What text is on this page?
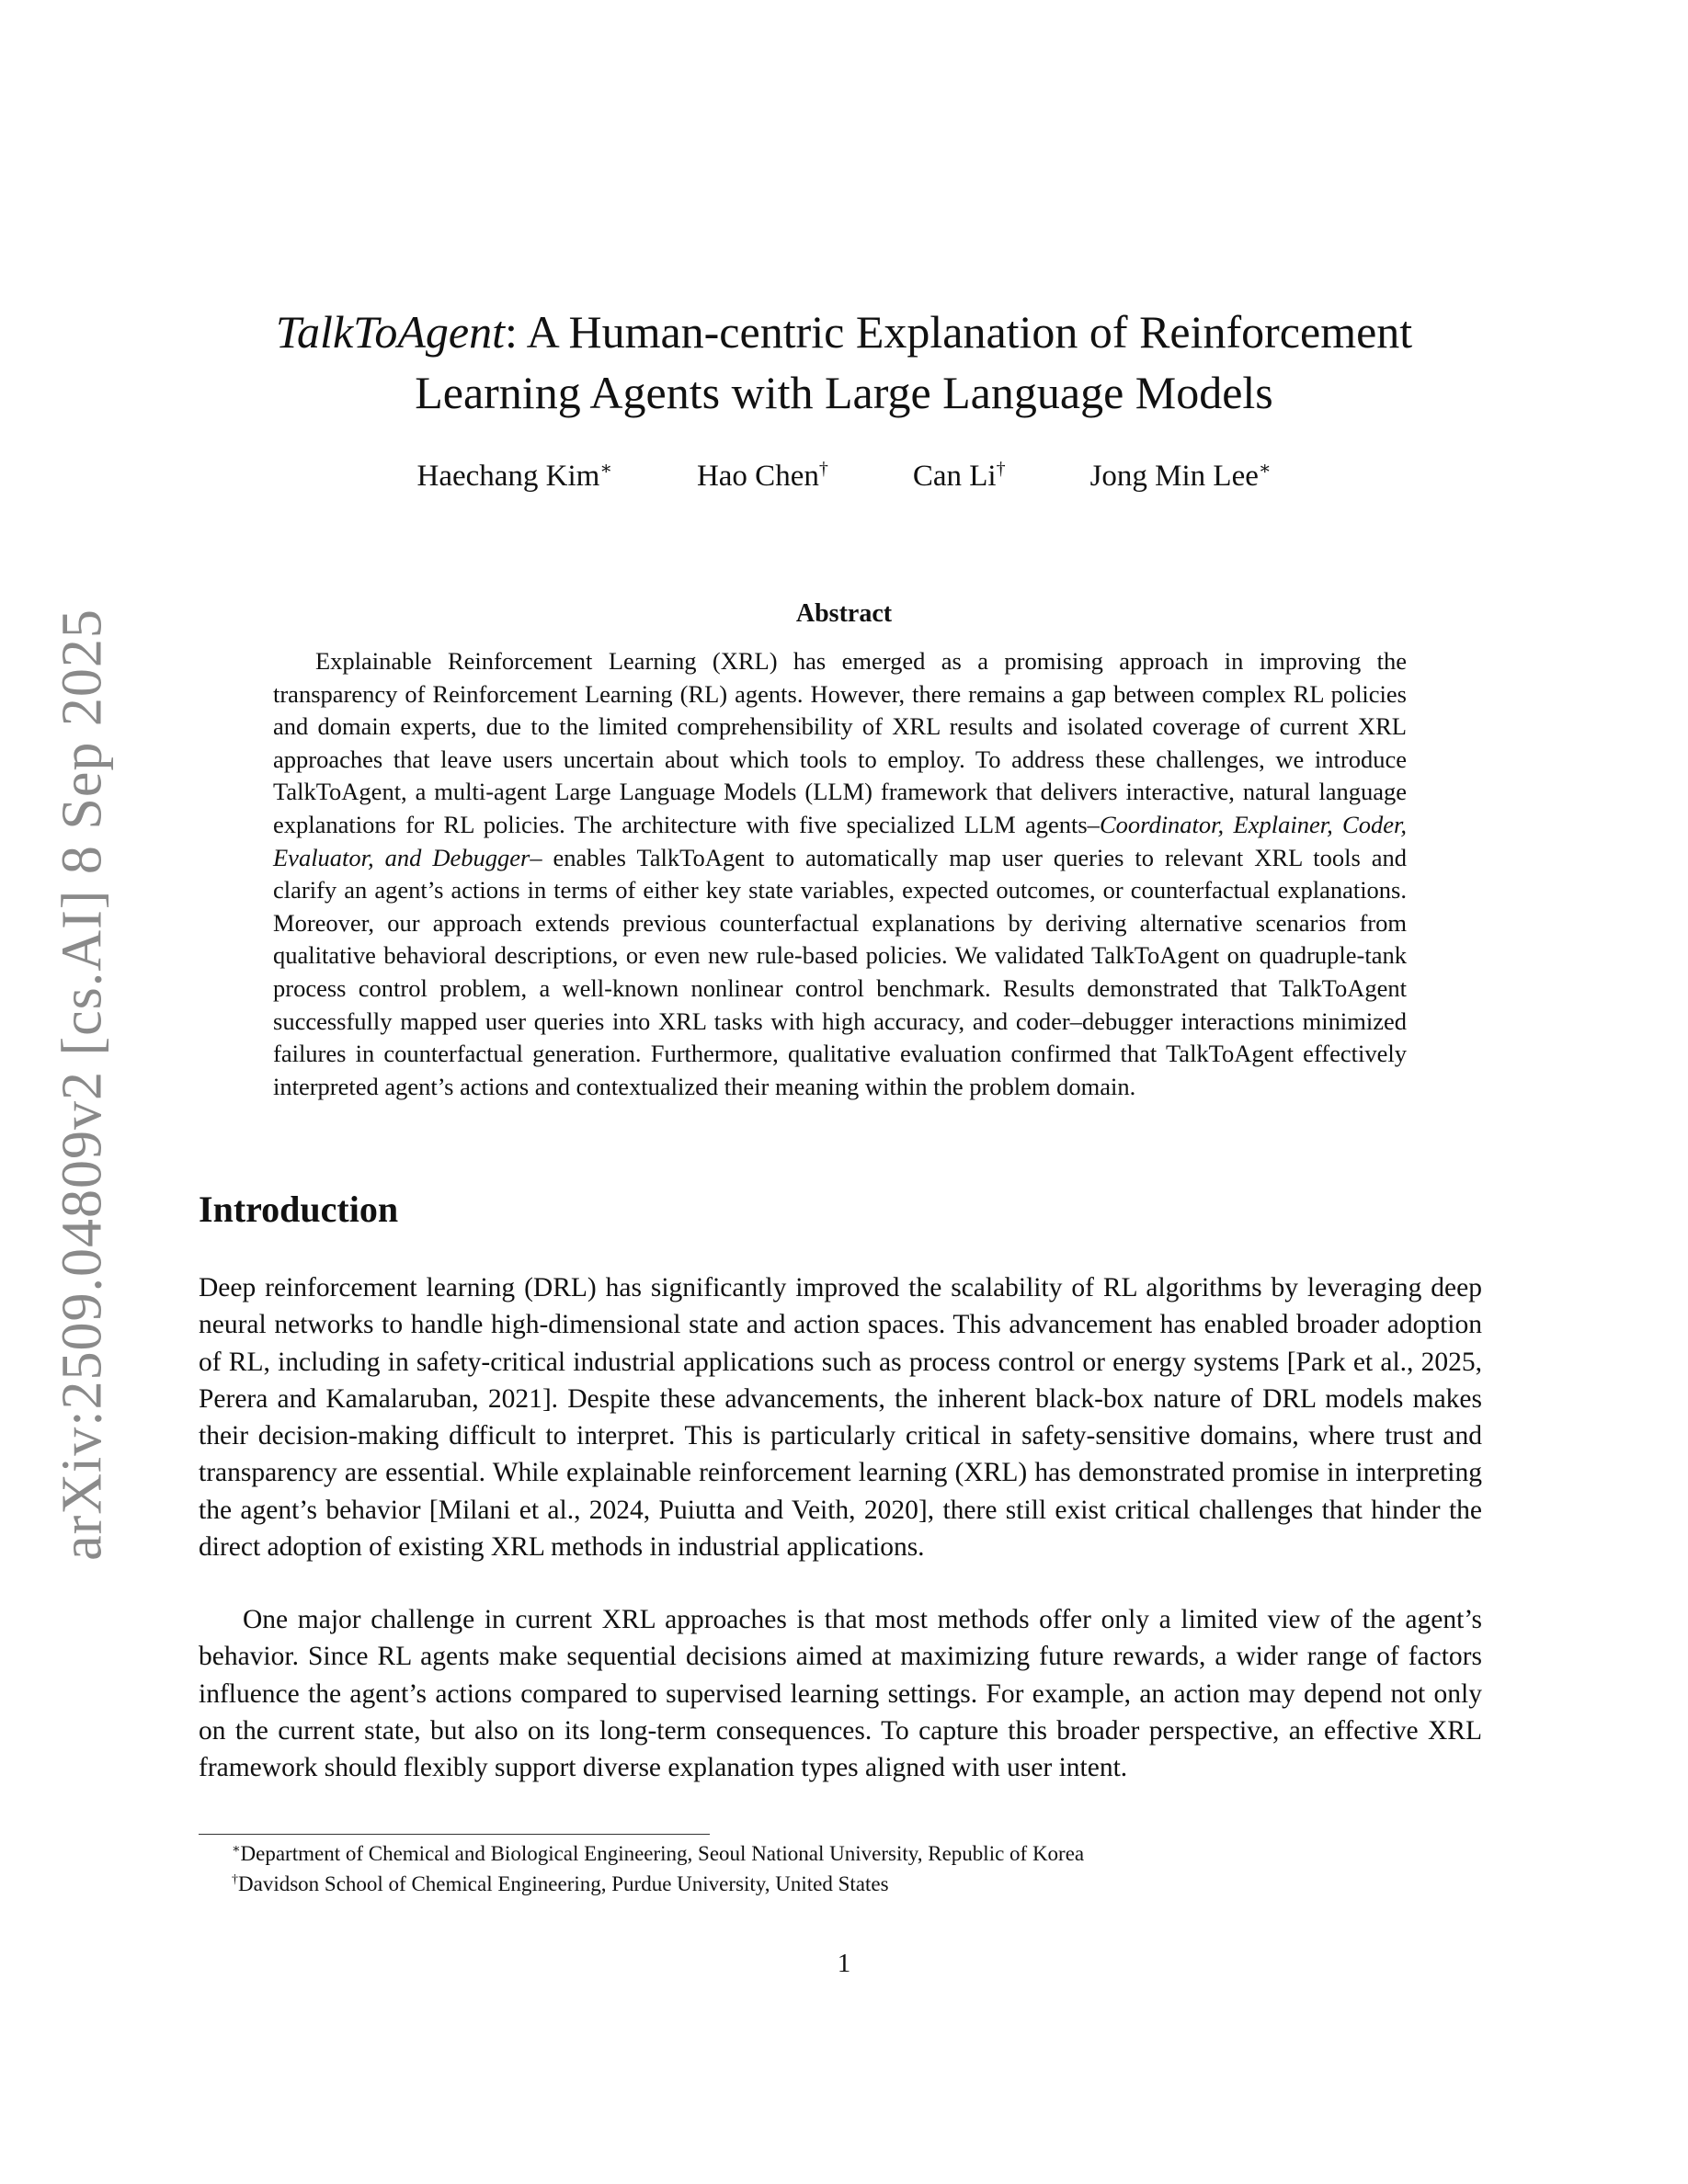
arXiv:2509.04809v2 [cs.AI] 8 Sep 2025
TalkToAgent: A Human-centric Explanation of Reinforcement
Learning Agents with Large Language Models
Haechang Kim∗	Hao Chen†	Can Li†	Jong Min Lee∗
Abstract

Explainable Reinforcement Learning (XRL) has emerged as a promising approach in improving the transparency of Reinforcement Learning (RL) agents. However, there remains a gap between complex RL policies and domain experts, due to the limited comprehensibility of XRL results and isolated coverage of current XRL approaches that leave users uncertain about which tools to employ. To address these challenges, we introduce TalkToAgent, a multi-agent Large Language Models (LLM) framework that delivers interactive, natural language explanations for RL policies. The architecture with five specialized LLM agents–Coordinator, Explainer, Coder, Evaluator, and Debugger– enables TalkToAgent to automatically map user queries to relevant XRL tools and clarify an agent’s actions in terms of either key state variables, expected outcomes, or counterfactual explanations. Moreover, our approach extends previous counterfactual explanations by deriving alternative scenarios from qualitative behavioral descriptions, or even new rule-based policies. We validated TalkToAgent on quadruple-tank process control problem, a well-known nonlinear control benchmark. Results demonstrated that TalkToAgent successfully mapped user queries into XRL tasks with high accuracy, and coder–debugger interactions minimized failures in counterfactual generation. Furthermore, qualitative evaluation confirmed that TalkToAgent effectively interpreted agent’s actions and contextualized their meaning within the problem domain.

Introduction

Deep reinforcement learning (DRL) has significantly improved the scalability of RL algorithms by leveraging deep neural networks to handle high-dimensional state and action spaces. This advancement has enabled broader adoption of RL, including in safety-critical industrial applications such as process control or energy systems [Park et al., 2025, Perera and Kamalaruban, 2021]. Despite these advancements, the inherent black-box nature of DRL models makes their decision-making difficult to interpret. This is particularly critical in safety-sensitive domains, where trust and transparency are essential. While explainable reinforcement learning (XRL) has demonstrated promise in interpreting the agent’s behavior [Milani et al., 2024, Puiutta and Veith, 2020], there still exist critical challenges that hinder the direct adoption of existing XRL methods in industrial applications.

One major challenge in current XRL approaches is that most methods offer only a limited view of the agent’s behavior. Since RL agents make sequential decisions aimed at maximizing future rewards, a wider range of factors influence the agent’s actions compared to supervised learning settings. For example, an action may depend not only on the current state, but also on its long-term consequences. To capture this broader perspective, an effective XRL framework should flexibly support diverse explanation types aligned with user intent.

∗Department of Chemical and Biological Engineering, Seoul National University, Republic of Korea
†Davidson School of Chemical Engineering, Purdue University, United States
1
